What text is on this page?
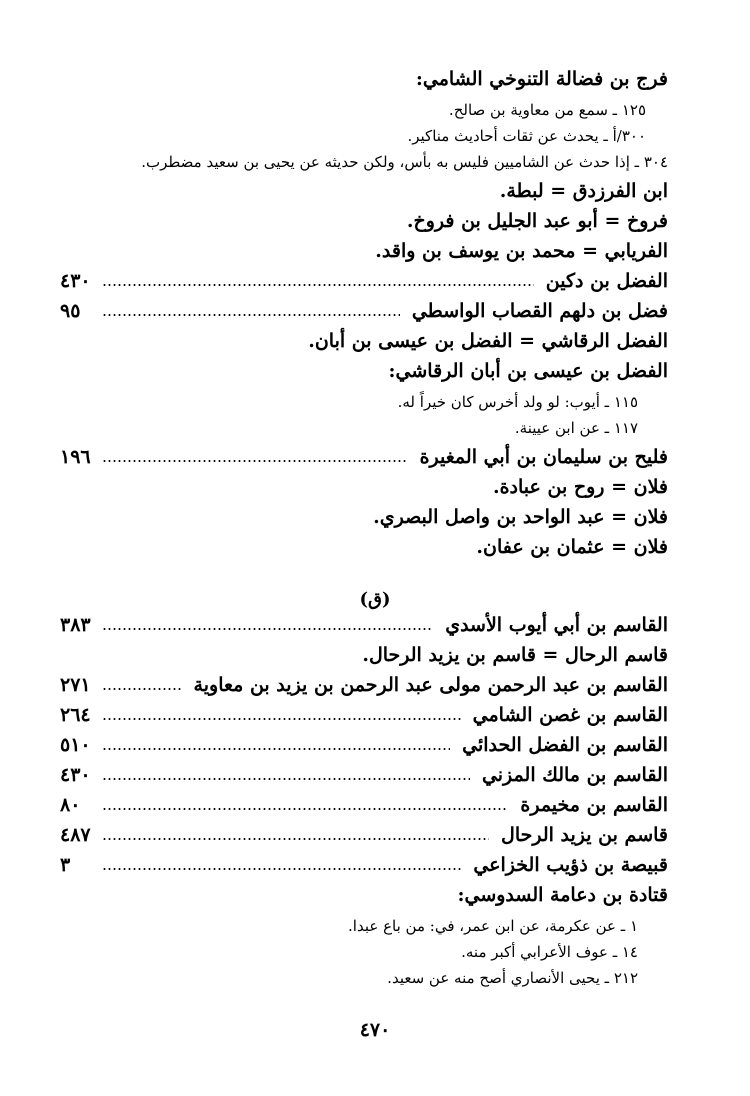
فرج بن فضالة التنوخي الشامي:
١٢٥ ـ سمع من معاوية بن صالح.
٣٠٠/أ ـ يحدث عن ثقات أحاديث مناكير.
٣٠٤ ـ إذا حدث عن الشاميين فليس به بأس، ولكن حديثه عن يحيى بن سعيد مضطرب.
ابن الفرزدق = لبطة.
فروخ = أبو عبد الجليل بن فروخ.
الفريابي = محمد بن يوسف بن واقد.
الفضل بن دكين
٤٣٠
فضل بن دلهم القصاب الواسطي
٩٥
الفضل الرقاشي = الفضل بن عيسى بن أبان.
الفضل بن عيسى بن أبان الرقاشي:
١١٥ ـ أيوب: لو ولد أخرس كان خيراً له.
١١٧ ـ عن ابن عيينة.
فليح بن سليمان بن أبي المغيرة
١٩٦
فلان = روح بن عبادة.
فلان = عبد الواحد بن واصل البصري.
فلان = عثمان بن عفان.
(ق)
القاسم بن أبي أيوب الأسدي
٣٨٣
قاسم الرحال = قاسم بن يزيد الرحال.
القاسم بن عبد الرحمن مولى عبد الرحمن بن يزيد بن معاوية
٢٧١
القاسم بن غصن الشامي
٢٦٤
القاسم بن الفضل الحدائي
٥١٠
القاسم بن مالك المزني
٤٣٠
القاسم بن مخيمرة
٨٠
قاسم بن يزيد الرحال
٤٨٧
قبيصة بن ذؤيب الخزاعي
٣
قتادة بن دعامة السدوسي:
١ ـ عن عكرمة، عن ابن عمر، في: من باع عبدا.
١٤ ـ عوف الأعرابي أكبر منه.
٢١٢ ـ يحيى الأنصاري أصح منه عن سعيد.
٤٧٠
